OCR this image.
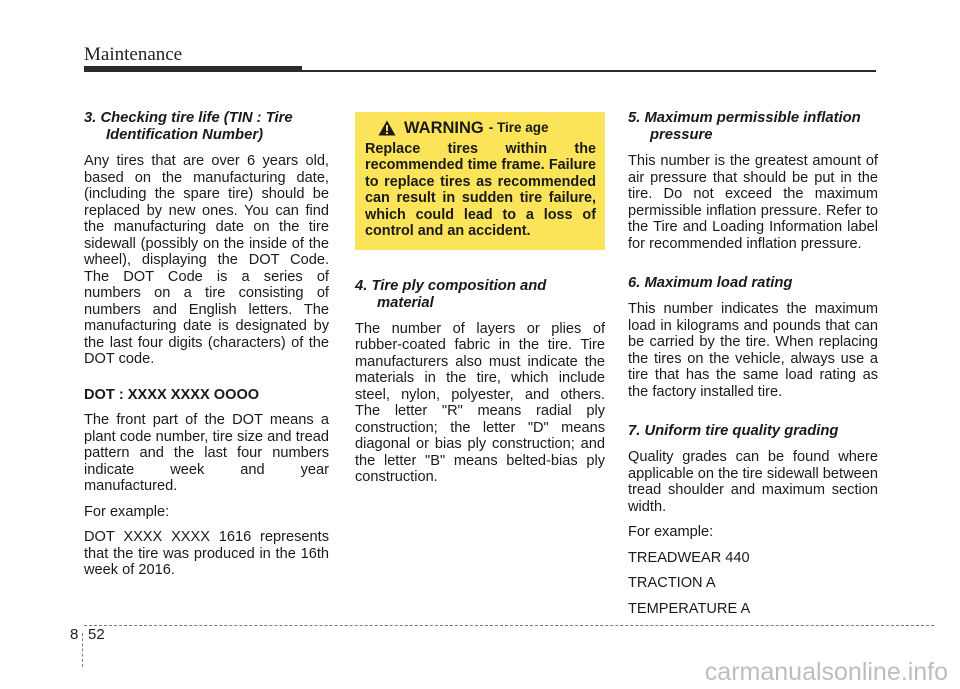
Maintenance
3. Checking tire life (TIN : Tire Identification Number)

Any tires that are over 6 years old, based on the manufacturing date, (including the spare tire) should be replaced by new ones. You can find the manufacturing date on the tire sidewall (possibly on the inside of the wheel), displaying the DOT Code. The DOT Code is a series of numbers on a tire consisting of numbers and English letters. The manufacturing date is designated by the last four digits (characters) of the DOT code.

DOT : XXXX XXXX OOOO

The front part of the DOT means a plant code number, tire size and tread pattern and the last four numbers indicate week and year manufactured.

For example:

DOT XXXX XXXX 1616 represents that the tire was produced in the 16th week of 2016.

WARNING - Tire age
Replace tires within the recommended time frame. Failure to replace tires as recommended can result in sudden tire failure, which could lead to a loss of control and an accident.
4. Tire ply composition and material

The number of layers or plies of rubber-coated fabric in the tire. Tire manufacturers also must indicate the materials in the tire, which include steel, nylon, polyester, and others. The letter "R" means radial ply construction; the letter "D" means diagonal or bias ply construction; and the letter "B" means belted-bias ply construction.

5. Maximum permissible inflation pressure

This number is the greatest amount of air pressure that should be put in the tire. Do not exceed the maximum permissible inflation pressure. Refer to the Tire and Loading Information label for recommended inflation pressure.

6. Maximum load rating

This number indicates the maximum load in kilograms and pounds that can be carried by the tire. When replacing the tires on the vehicle, always use a tire that has the same load rating as the factory installed tire.

7. Uniform tire quality grading

Quality grades can be found where applicable on the tire sidewall between tread shoulder and maximum section width.

For example:

TREADWEAR 440

TRACTION A

TEMPERATURE A

8 52
carmanualsonline.info
